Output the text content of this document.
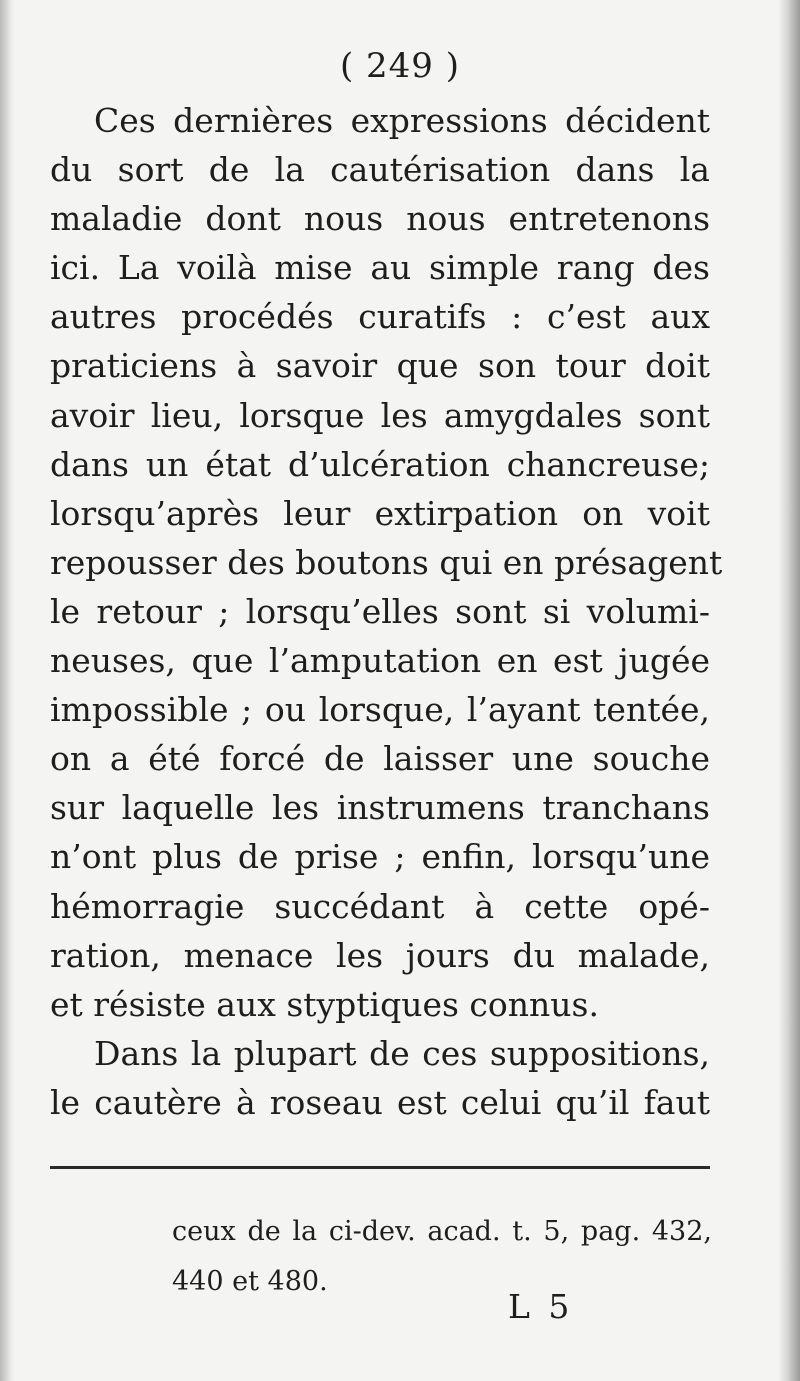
( 249 )
Ces dernières expressions décident
du sort de la cautérisation dans la
maladie dont nous nous entretenons
ici. La voilà mise au simple rang des
autres procédés curatifs : c’est aux
praticiens à savoir que son tour doit
avoir lieu, lorsque les amygdales sont
dans un état d’ulcération chancreuse;
lorsqu’après leur extirpation on voit
repousser des boutons qui en présagent
le retour ; lorsqu’elles sont si volumi-
neuses, que l’amputation en est jugée
impossible ; ou lorsque, l’ayant tentée,
on a été forcé de laisser une souche
sur laquelle les instrumens tranchans
n’ont plus de prise ; enfin, lorsqu’une
hémorragie succédant à cette opé-
ration, menace les jours du malade,
et résiste aux styptiques connus.
Dans la plupart de ces suppositions,
le cautère à roseau est celui qu’il faut
ceux de la ci-dev. acad. t. 5, pag. 432,
440 et 480.
L 5
